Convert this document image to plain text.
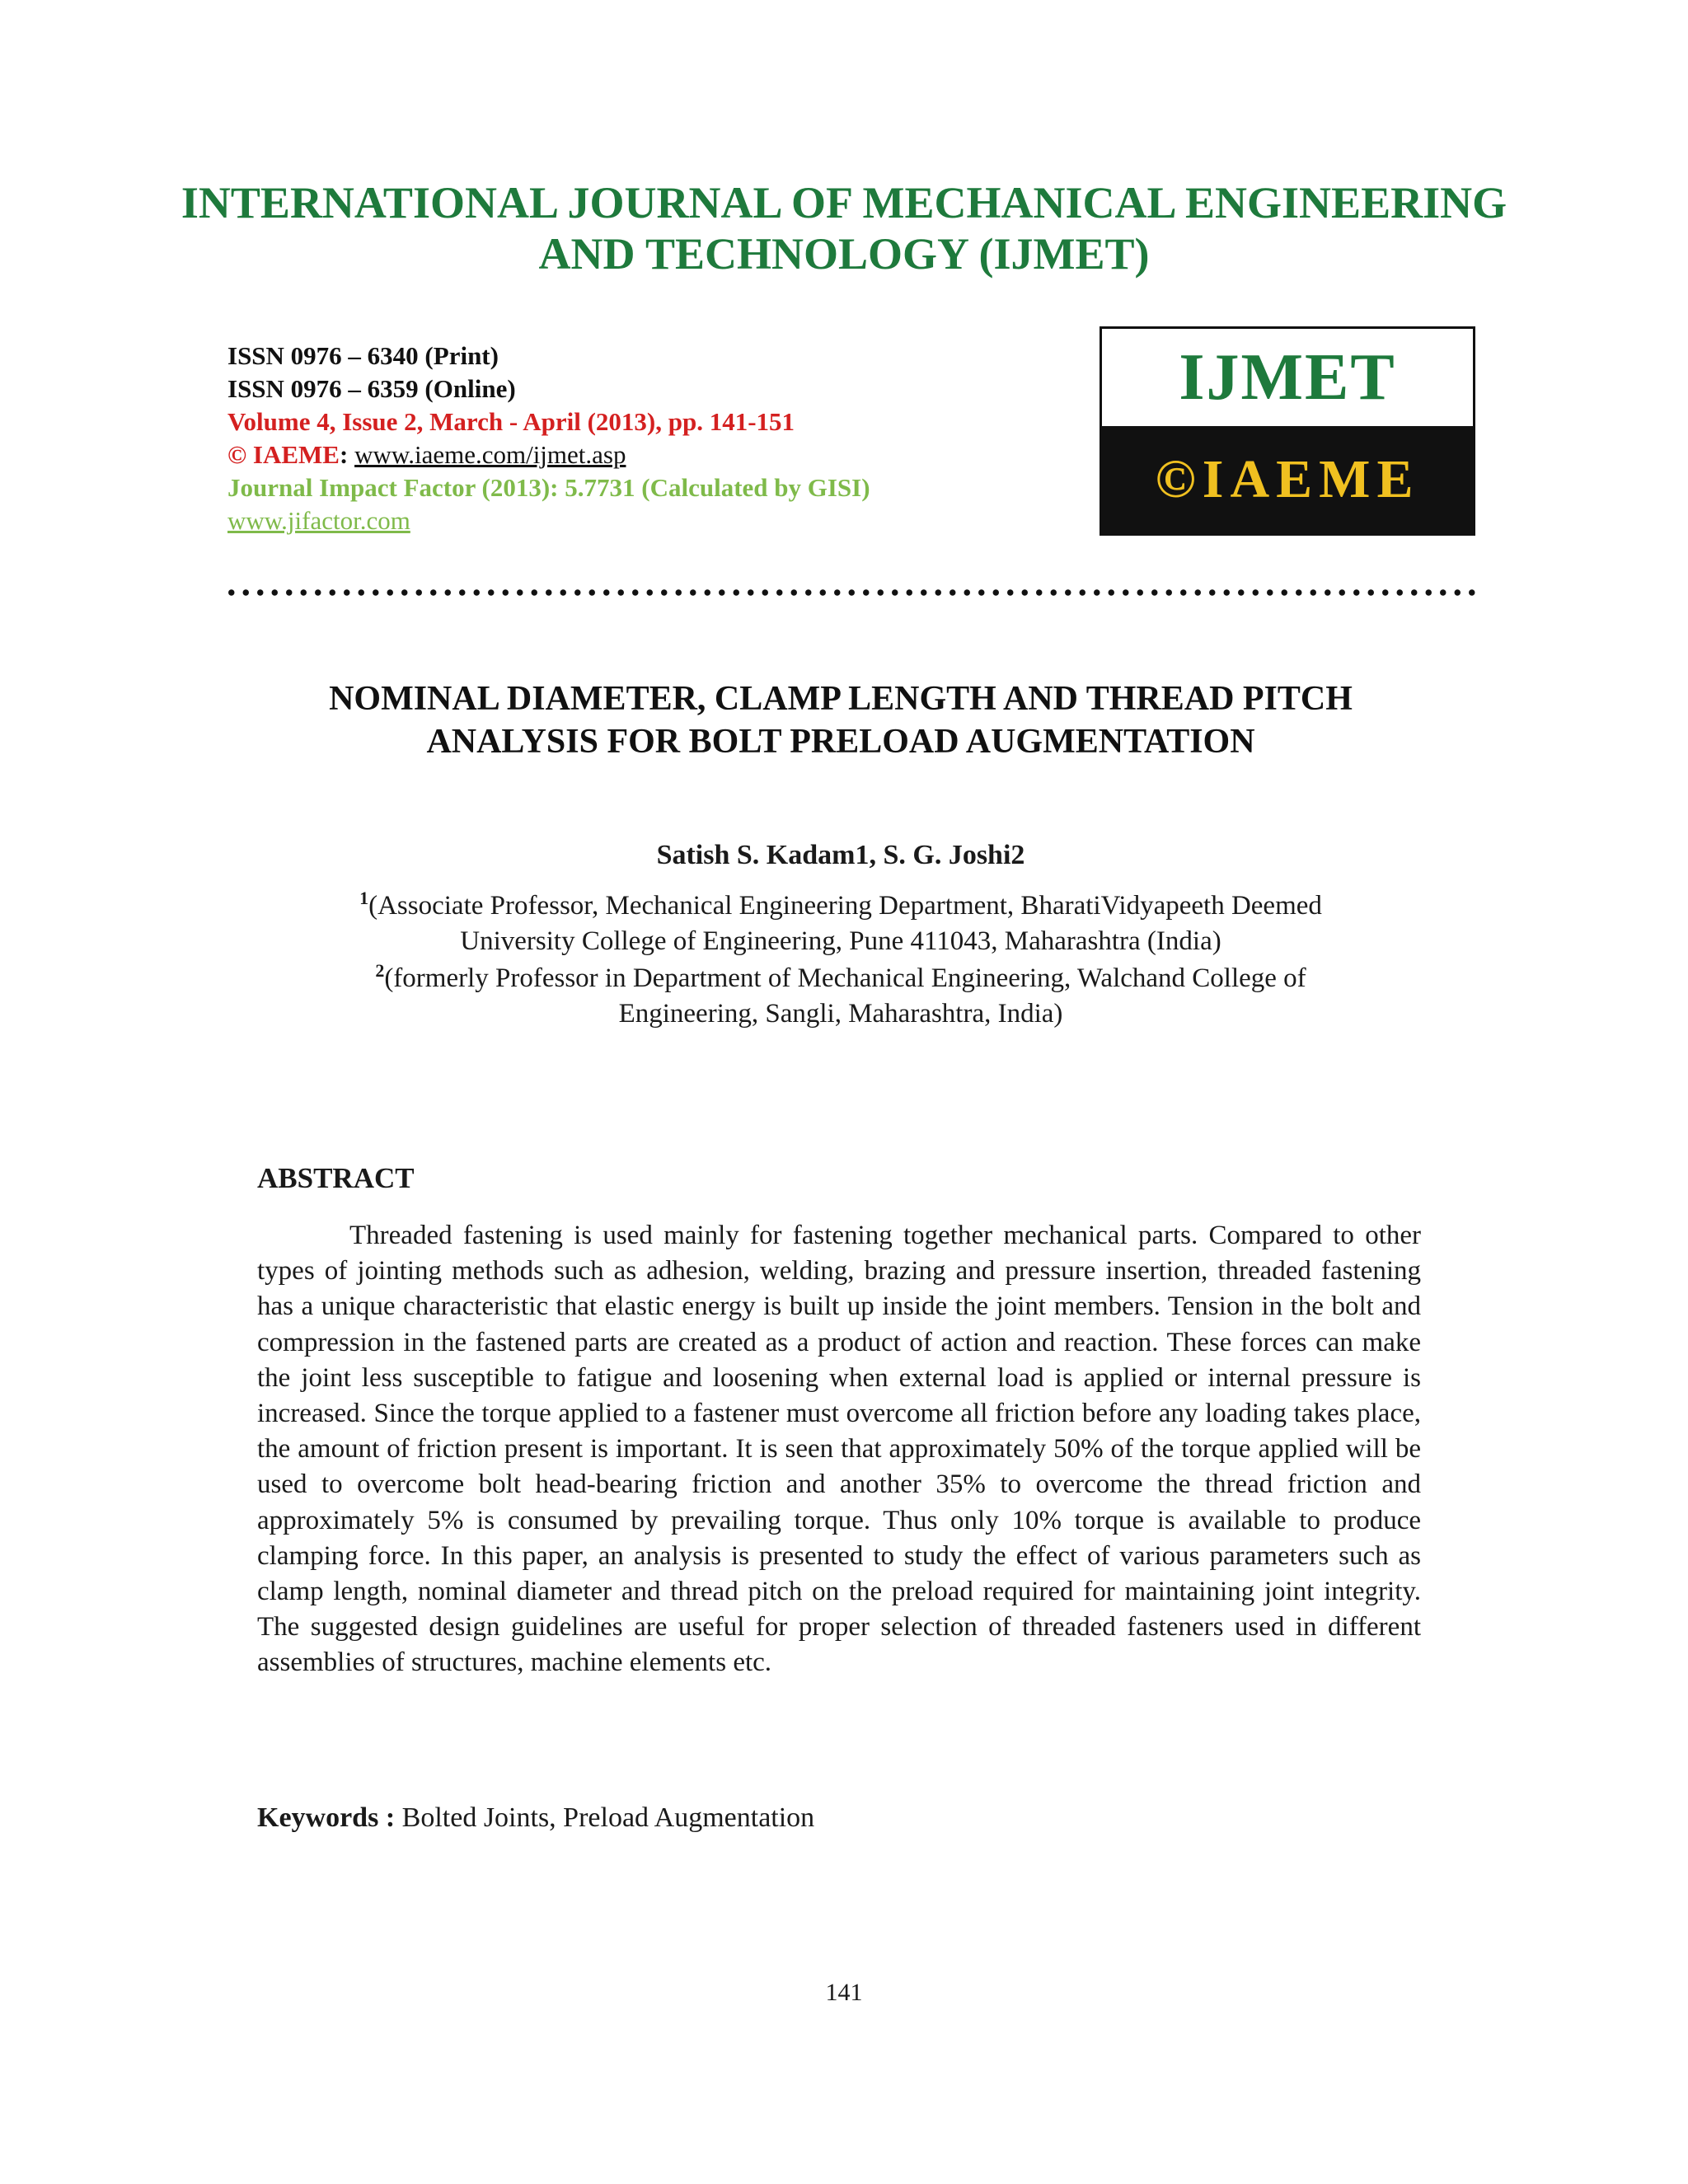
INTERNATIONAL JOURNAL OF MECHANICAL ENGINEERING
AND TECHNOLOGY (IJMET)
ISSN 0976 – 6340 (Print)
ISSN 0976 – 6359 (Online)
Volume 4, Issue 2, March - April (2013), pp. 141-151
© IAEME: www.iaeme.com/ijmet.asp
Journal Impact Factor (2013): 5.7731 (Calculated by GISI)
www.jifactor.com
IJMET
©IAEME
NOMINAL DIAMETER, CLAMP LENGTH AND THREAD PITCH
ANALYSIS FOR BOLT PRELOAD AUGMENTATION
Satish S. Kadam1, S. G. Joshi2
$^1$(Associate Professor, Mechanical Engineering Department, BharatiVidyapeeth Deemed
University College of Engineering, Pune 411043, Maharashtra (India)
$^2$(formerly Professor in Department of Mechanical Engineering, Walchand College of
Engineering, Sangli, Maharashtra, India)
ABSTRACT

Threaded fastening is used mainly for fastening together mechanical parts. Compared to other types of jointing methods such as adhesion, welding, brazing and pressure insertion, threaded fastening has a unique characteristic that elastic energy is built up inside the joint members. Tension in the bolt and compression in the fastened parts are created as a product of action and reaction. These forces can make the joint less susceptible to fatigue and loosening when external load is applied or internal pressure is increased. Since the torque applied to a fastener must overcome all friction before any loading takes place, the amount of friction present is important. It is seen that approximately 50% of the torque applied will be used to overcome bolt head-bearing friction and another 35% to overcome the thread friction and approximately 5% is consumed by prevailing torque. Thus only 10% torque is available to produce clamping force. In this paper, an analysis is presented to study the effect of various parameters such as clamp length, nominal diameter and thread pitch on the preload required for maintaining joint integrity. The suggested design guidelines are useful for proper selection of threaded fasteners used in different assemblies of structures, machine elements etc.

Keywords : Bolted Joints, Preload Augmentation
141
